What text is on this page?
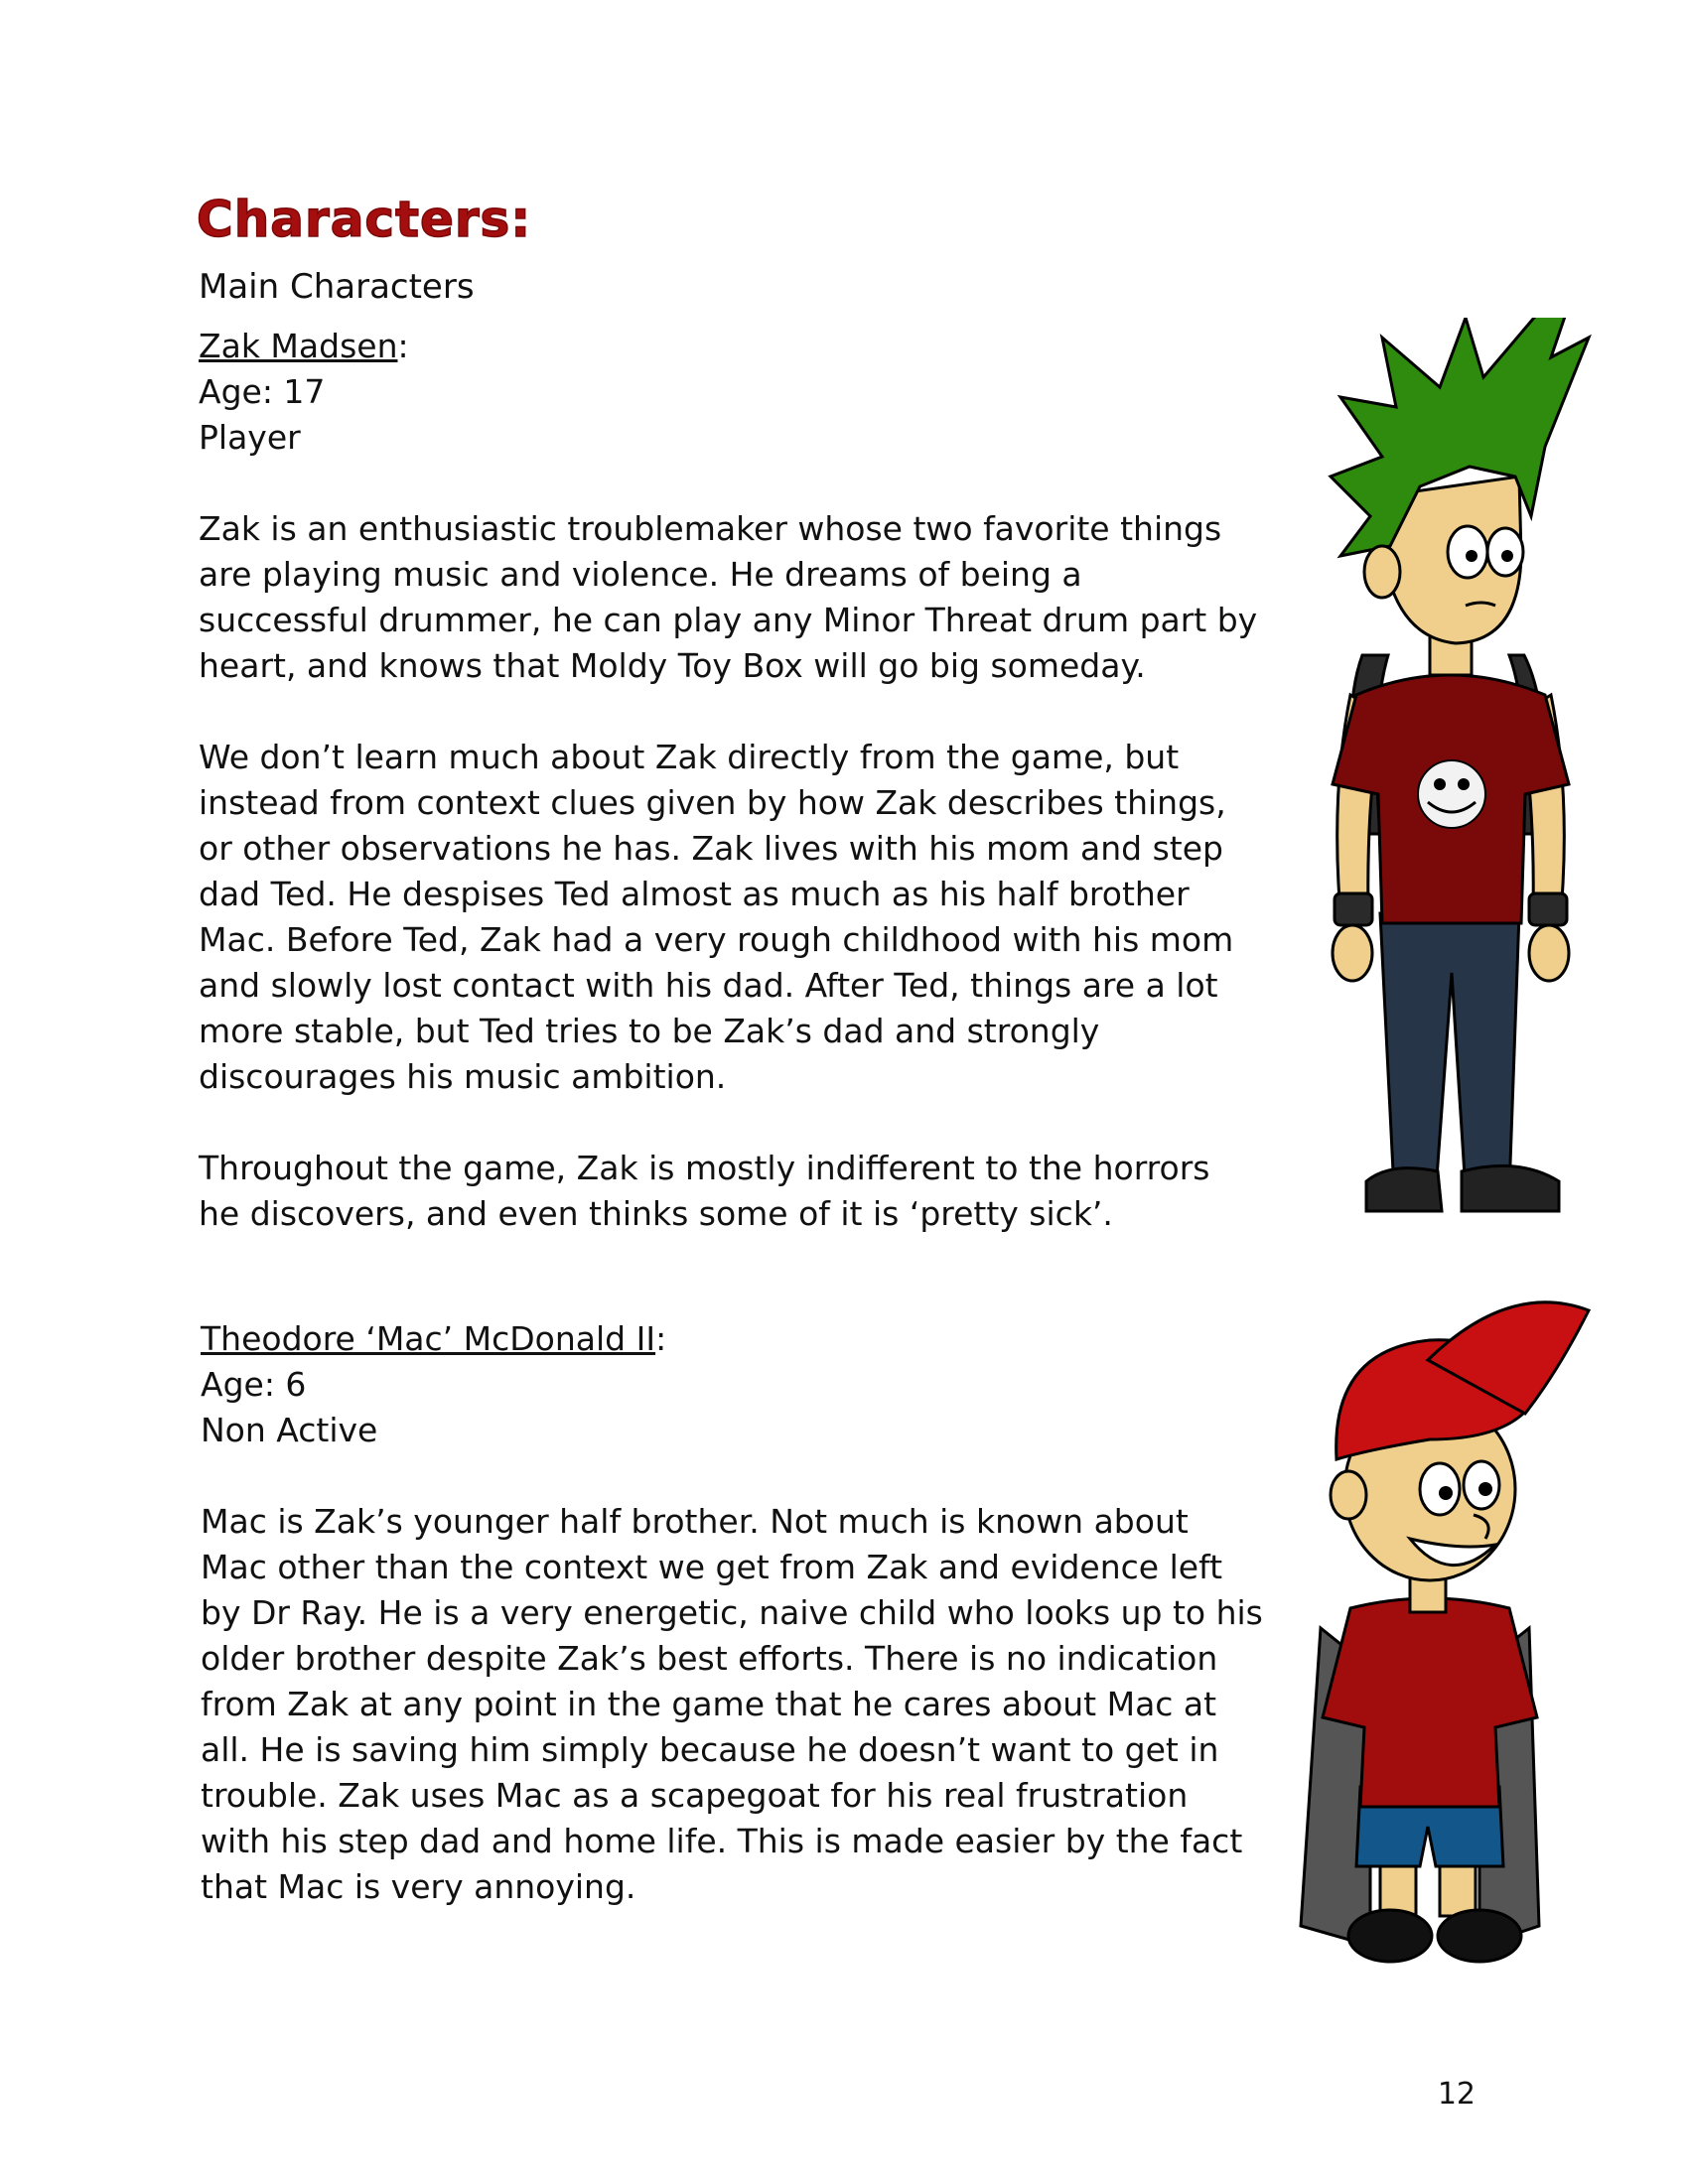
Characters:
Main Characters

Zak Madsen:

Age: 17

Player

Zak is an enthusiastic troublemaker whose two favorite things are playing music and violence. He dreams of being a successful drummer, he can play any Minor Threat drum part by heart, and knows that Moldy Toy Box will go big someday.

We don’t learn much about Zak directly from the game, but instead from context clues given by how Zak describes things, or other observations he has. Zak lives with his mom and step dad Ted. He despises Ted almost as much as his half brother Mac. Before Ted, Zak had a very rough childhood with his mom and slowly lost contact with his dad. After Ted, things are a lot more stable, but Ted tries to be Zak’s dad and strongly discourages his music ambition.

Throughout the game, Zak is mostly indifferent to the horrors he discovers, and even thinks some of it is ‘pretty sick’.

Theodore ‘Mac’ McDonald II:

Age: 6

Non Active

Mac is Zak’s younger half brother. Not much is known about Mac other than the context we get from Zak and evidence left by Dr Ray. He is a very energetic, naive child who looks up to his older brother despite Zak’s best efforts. There is no indication from Zak at any point in the game that he cares about Mac at all. He is saving him simply because he doesn’t want to get in trouble. Zak uses Mac as a scapegoat for his real frustration with his step dad and home life. This is made easier by the fact that Mac is very annoying.

12
